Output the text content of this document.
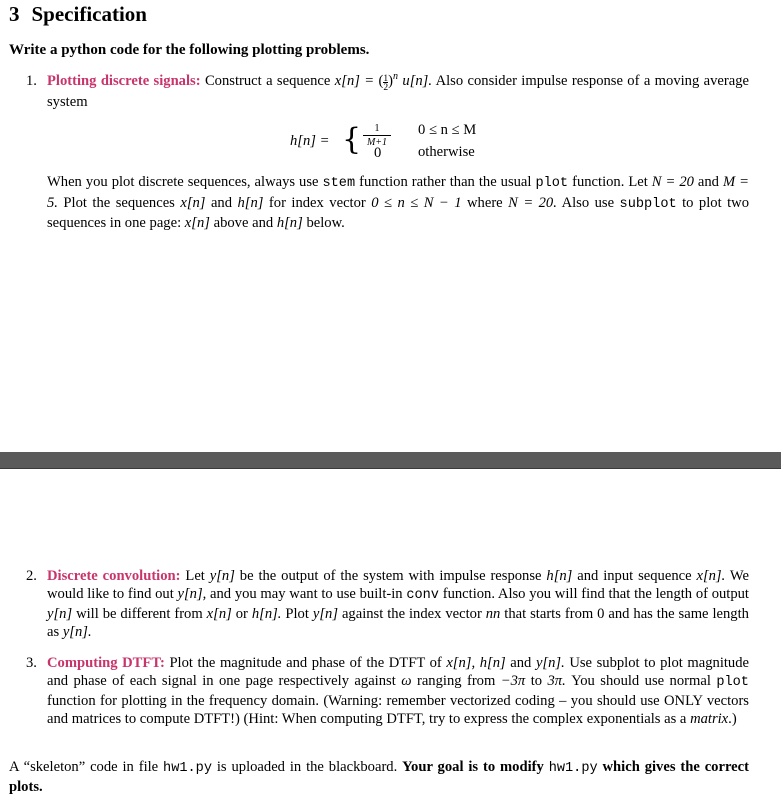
3 Specification

Write a python code for the following plotting problems.

1. Plotting discrete signals: Construct a sequence $x[n] = (\frac{1}{2})^n$ u[n]. Also consider impulse response of a moving average system
h[n] = {	1
M+1
0 ≤ n ≤ M
0	otherwise
When you plot discrete sequences, always use stem function rather than the usual plot function. Let N = 20 and M = 5. Plot the sequences x[n] and h[n] for index vector 0 ≤ n ≤ N − 1 where N = 20. Also use subplot to plot two sequences in one page: x[n] above and h[n] below.
2. Discrete convolution: Let y[n] be the output of the system with impulse response h[n] and input sequence x[n]. We would like to find out y[n], and you may want to use built-in conv function. Also you will find that the length of output y[n] will be different from x[n] or h[n]. Plot y[n] against the index vector nn that starts from 0 and has the same length as y[n].
3. Computing DTFT: Plot the magnitude and phase of the DTFT of x[n], h[n] and y[n]. Use subplot to plot magnitude and phase of each signal in one page respectively against ω ranging from −3π to 3π. You should use normal plot function for plotting in the frequency domain. (Warning: remember vectorized coding – you should use ONLY vectors and matrices to compute DTFT!) (Hint: When computing DTFT, try to express the complex exponentials as a matrix.)
A “skeleton” code in file hw1.py is uploaded in the blackboard. Your goal is to modify hw1.py which gives the correct plots.
